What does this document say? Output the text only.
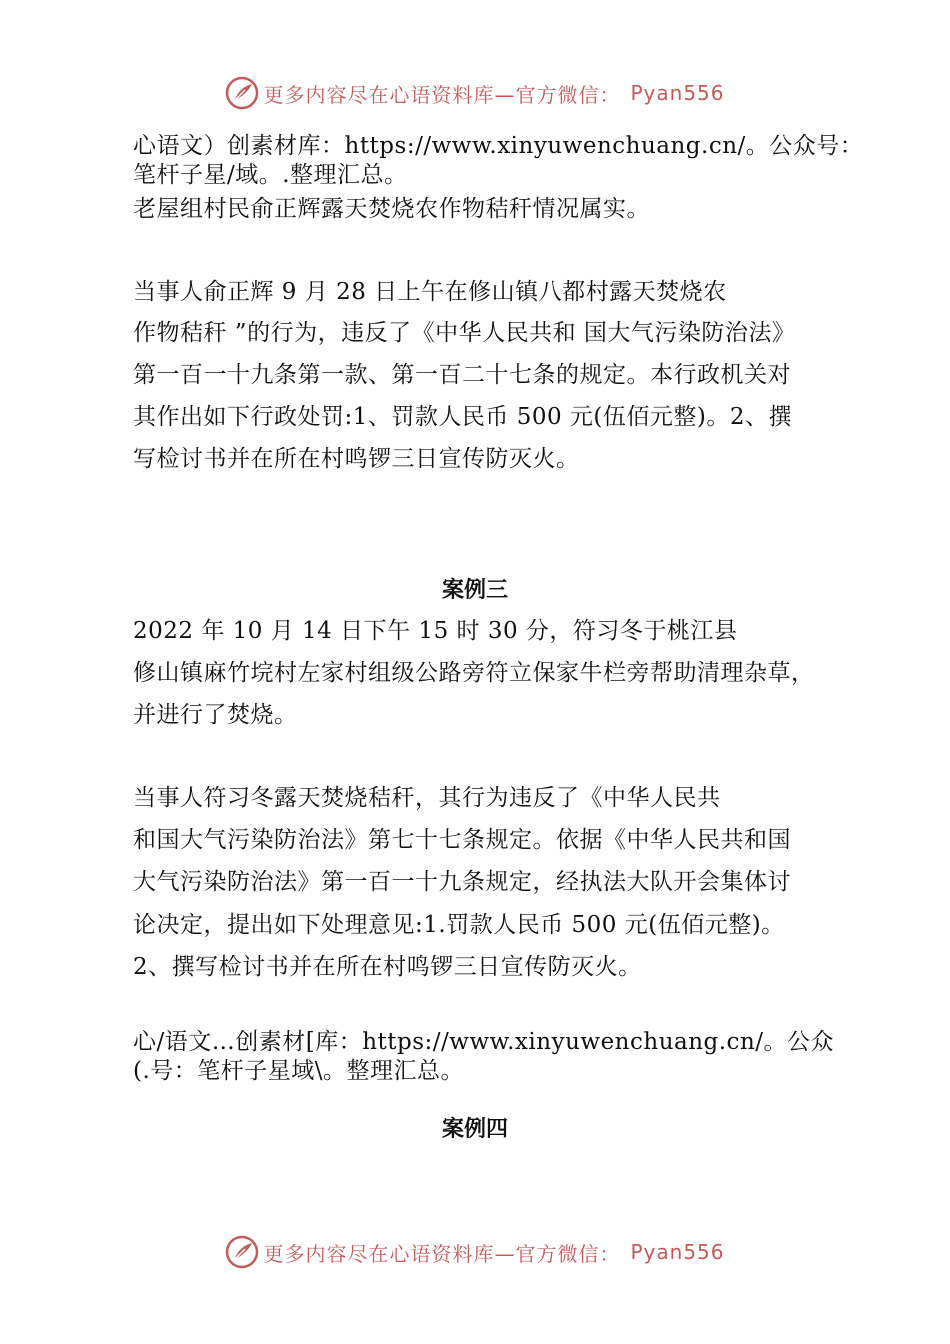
更多内容尽在心语资料库—官方微信： Pyan556
心语文）创素材库：https://www.xinyuwenchuang.cn/。公众号：
笔杆子星/域。.整理汇总。
老屋组村民俞正辉露天焚烧农作物秸秆情况属实。
当事人俞正辉 9 月 28 日上午在修山镇八都村露天焚烧农
作物秸秆 ”的行为，违反了《中华人民共和 国大气污染防治法》
第一百一十九条第一款、第一百二十七条的规定。本行政机关对
其作出如下行政处罚:1、罚款人民币 500 元(伍佰元整)。2、撰
写检讨书并在所在村鸣锣三日宣传防灭火。
案例三
2022 年 10 月 14 日下午 15 时 30 分，符习冬于桃江县
修山镇麻竹垸村左家村组级公路旁符立保家牛栏旁帮助清理杂草，
并进行了焚烧。
当事人符习冬露天焚烧秸秆，其行为违反了《中华人民共
和国大气污染防治法》第七十七条规定。依据《中华人民共和国
大气污染防治法》第一百一十九条规定，经执法大队开会集体讨
论决定，提出如下处理意见:1.罚款人民币 500 元(伍佰元整)。
2、撰写检讨书并在所在村鸣锣三日宣传防灭火。
心/语文…创素材[库：https://www.xinyuwenchuang.cn/。公众
(.号：笔杆子星域\。整理汇总。
案例四
更多内容尽在心语资料库—官方微信： Pyan556
